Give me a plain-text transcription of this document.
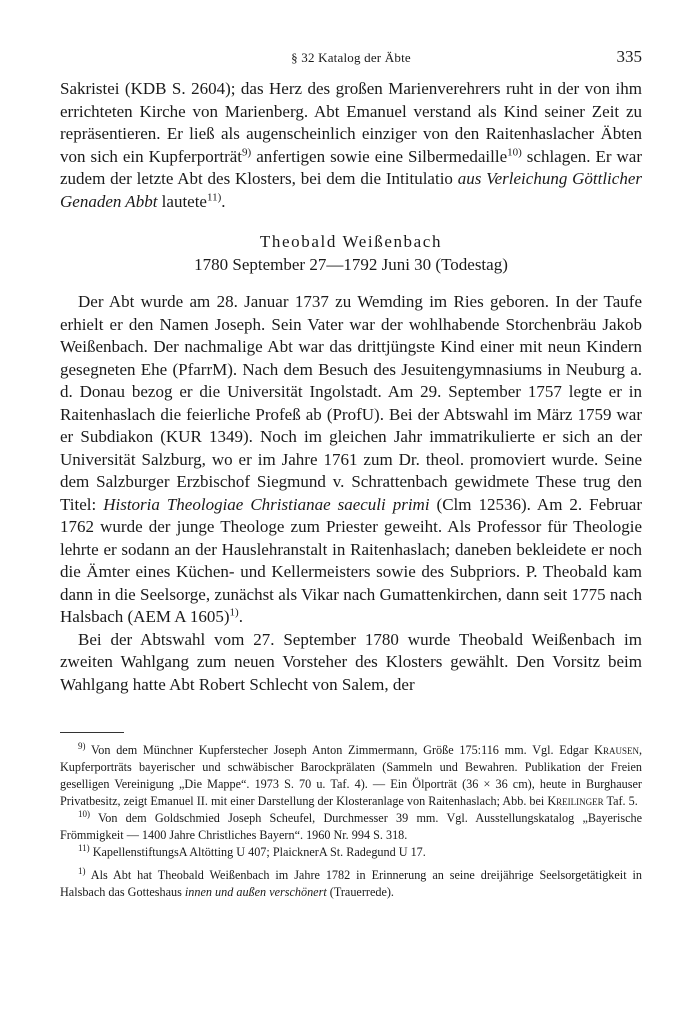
§ 32 Katalog der Äbte	335

Sakristei (KDB S. 2604); das Herz des großen Marienverehrers ruht in der von ihm errichteten Kirche von Marienberg. Abt Emanuel verstand als Kind seiner Zeit zu repräsentieren. Er ließ als augenscheinlich einziger von den Raitenhaslacher Äbten von sich ein Kupferporträt$^{9)}$ anfertigen sowie eine Silbermedaille$^{10)}$ schlagen. Er war zudem der letzte Abt des Klosters, bei dem die Intitulatio aus Verleichung Göttlicher Genaden Abbt lautete$^{11)}$.

Theobald Weißenbach

1780 September 27—1792 Juni 30 (Todestag)

Der Abt wurde am 28. Januar 1737 zu Wemding im Ries geboren. In der Taufe erhielt er den Namen Joseph. Sein Vater war der wohlhabende Storchenbräu Jakob Weißenbach. Der nachmalige Abt war das drittjüngste Kind einer mit neun Kindern gesegneten Ehe (PfarrM). Nach dem Besuch des Jesuitengymnasiums in Neuburg a. d. Donau bezog er die Universität Ingolstadt. Am 29. September 1757 legte er in Raitenhaslach die feierliche Profeß ab (ProfU). Bei der Abtswahl im März 1759 war er Subdiakon (KUR 1349). Noch im gleichen Jahr immatrikulierte er sich an der Universität Salzburg, wo er im Jahre 1761 zum Dr. theol. promoviert wurde. Seine dem Salzburger Erzbischof Siegmund v. Schrattenbach gewidmete These trug den Titel: Historia Theologiae Christianae saeculi primi (Clm 12536). Am 2. Februar 1762 wurde der junge Theologe zum Priester geweiht. Als Professor für Theologie lehrte er sodann an der Hauslehranstalt in Raitenhaslach; daneben bekleidete er noch die Ämter eines Küchen- und Kellermeisters sowie des Subpriors. P. Theobald kam dann in die Seelsorge, zunächst als Vikar nach Gumattenkirchen, dann seit 1775 nach Halsbach (AEM A 1605)$^{1)}$.

Bei der Abtswahl vom 27. September 1780 wurde Theobald Weißenbach im zweiten Wahlgang zum neuen Vorsteher des Klosters gewählt. Den Vorsitz beim Wahlgang hatte Abt Robert Schlecht von Salem, der

$^{9)}$ Von dem Münchner Kupferstecher Joseph Anton Zimmermann, Größe 175:116 mm. Vgl. Edgar Krausen, Kupferporträts bayerischer und schwäbischer Barockprälaten (Sammeln und Bewahren. Publikation der Freien geselligen Vereinigung „Die Mappe“. 1973 S. 70 u. Taf. 4). — Ein Ölporträt (36 × 36 cm), heute in Burghauser Privatbesitz, zeigt Emanuel II. mit einer Darstellung der Klosteranlage von Raitenhaslach; Abb. bei Kreilinger Taf. 5.

$^{10)}$ Von dem Goldschmied Joseph Scheufel, Durchmesser 39 mm. Vgl. Ausstellungskatalog „Bayerische Frömmigkeit — 1400 Jahre Christliches Bayern“. 1960 Nr. 994 S. 318.

$^{11)}$ KapellenstiftungsA Altötting U 407; PlaicknerA St. Radegund U 17.

$^{1)}$ Als Abt hat Theobald Weißenbach im Jahre 1782 in Erinnerung an seine dreijährige Seelsorgetätigkeit in Halsbach das Gotteshaus innen und außen verschönert (Trauerrede).
